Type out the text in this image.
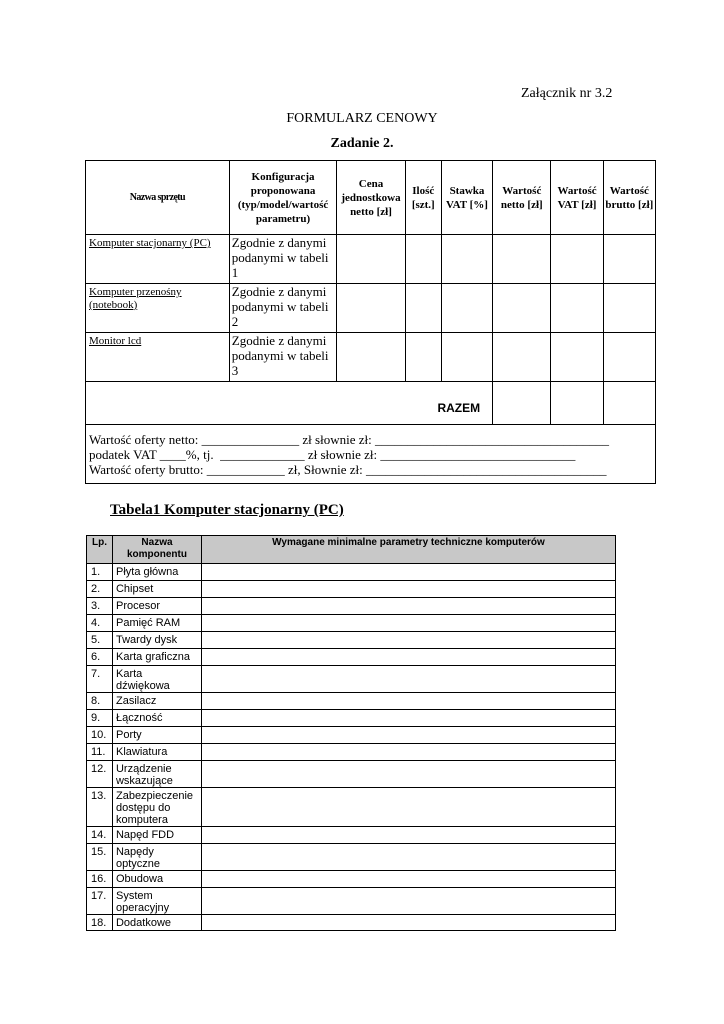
Załącznik nr 3.2
FORMULARZ CENOWY
Zadanie 2.
Nazwa sprzętu	Konfiguracja proponowana (typ/model/wartość parametru)	Cena jednostkowa netto [zł]	Ilość [szt.]	Stawka VAT [%]	Wartość netto [zł]	Wartość VAT [zł]	Wartość brutto [zł]
Komputer stacjonarny (PC)	Zgodnie z danymi podanymi w tabeli 1						
Komputer przenośny (notebook)	Zgodnie z danymi podanymi w tabeli 2						
Monitor lcd	Zgodnie z danymi podanymi w tabeli 3						
RAZEM							

Wartość oferty netto: _______________ zł słownie zł: ____________________________________
podatek VAT ____%, tj.  _____________ zł słownie zł: ______________________________
Wartość oferty brutto: ____________ zł, Słownie zł: _____________________________________							
Tabela1 Komputer stacjonarny (PC)
Lp.	Nazwa komponentu	Wymagane minimalne parametry techniczne komputerów
1.	Płyta główna	
2.	Chipset	
3.	Procesor	
4.	Pamięć RAM	
5.	Twardy dysk	
6.	Karta graficzna	
7.	Karta dźwiękowa	
8.	Zasilacz	
9.	Łączność	
10.	Porty	
11.	Klawiatura	
12.	Urządzenie wskazujące	
13.	Zabezpieczenie dostępu do komputera	
14.	Napęd FDD	
15.	Napędy optyczne	
16.	Obudowa	
17.	System operacyjny	
18.	Dodatkowe	
